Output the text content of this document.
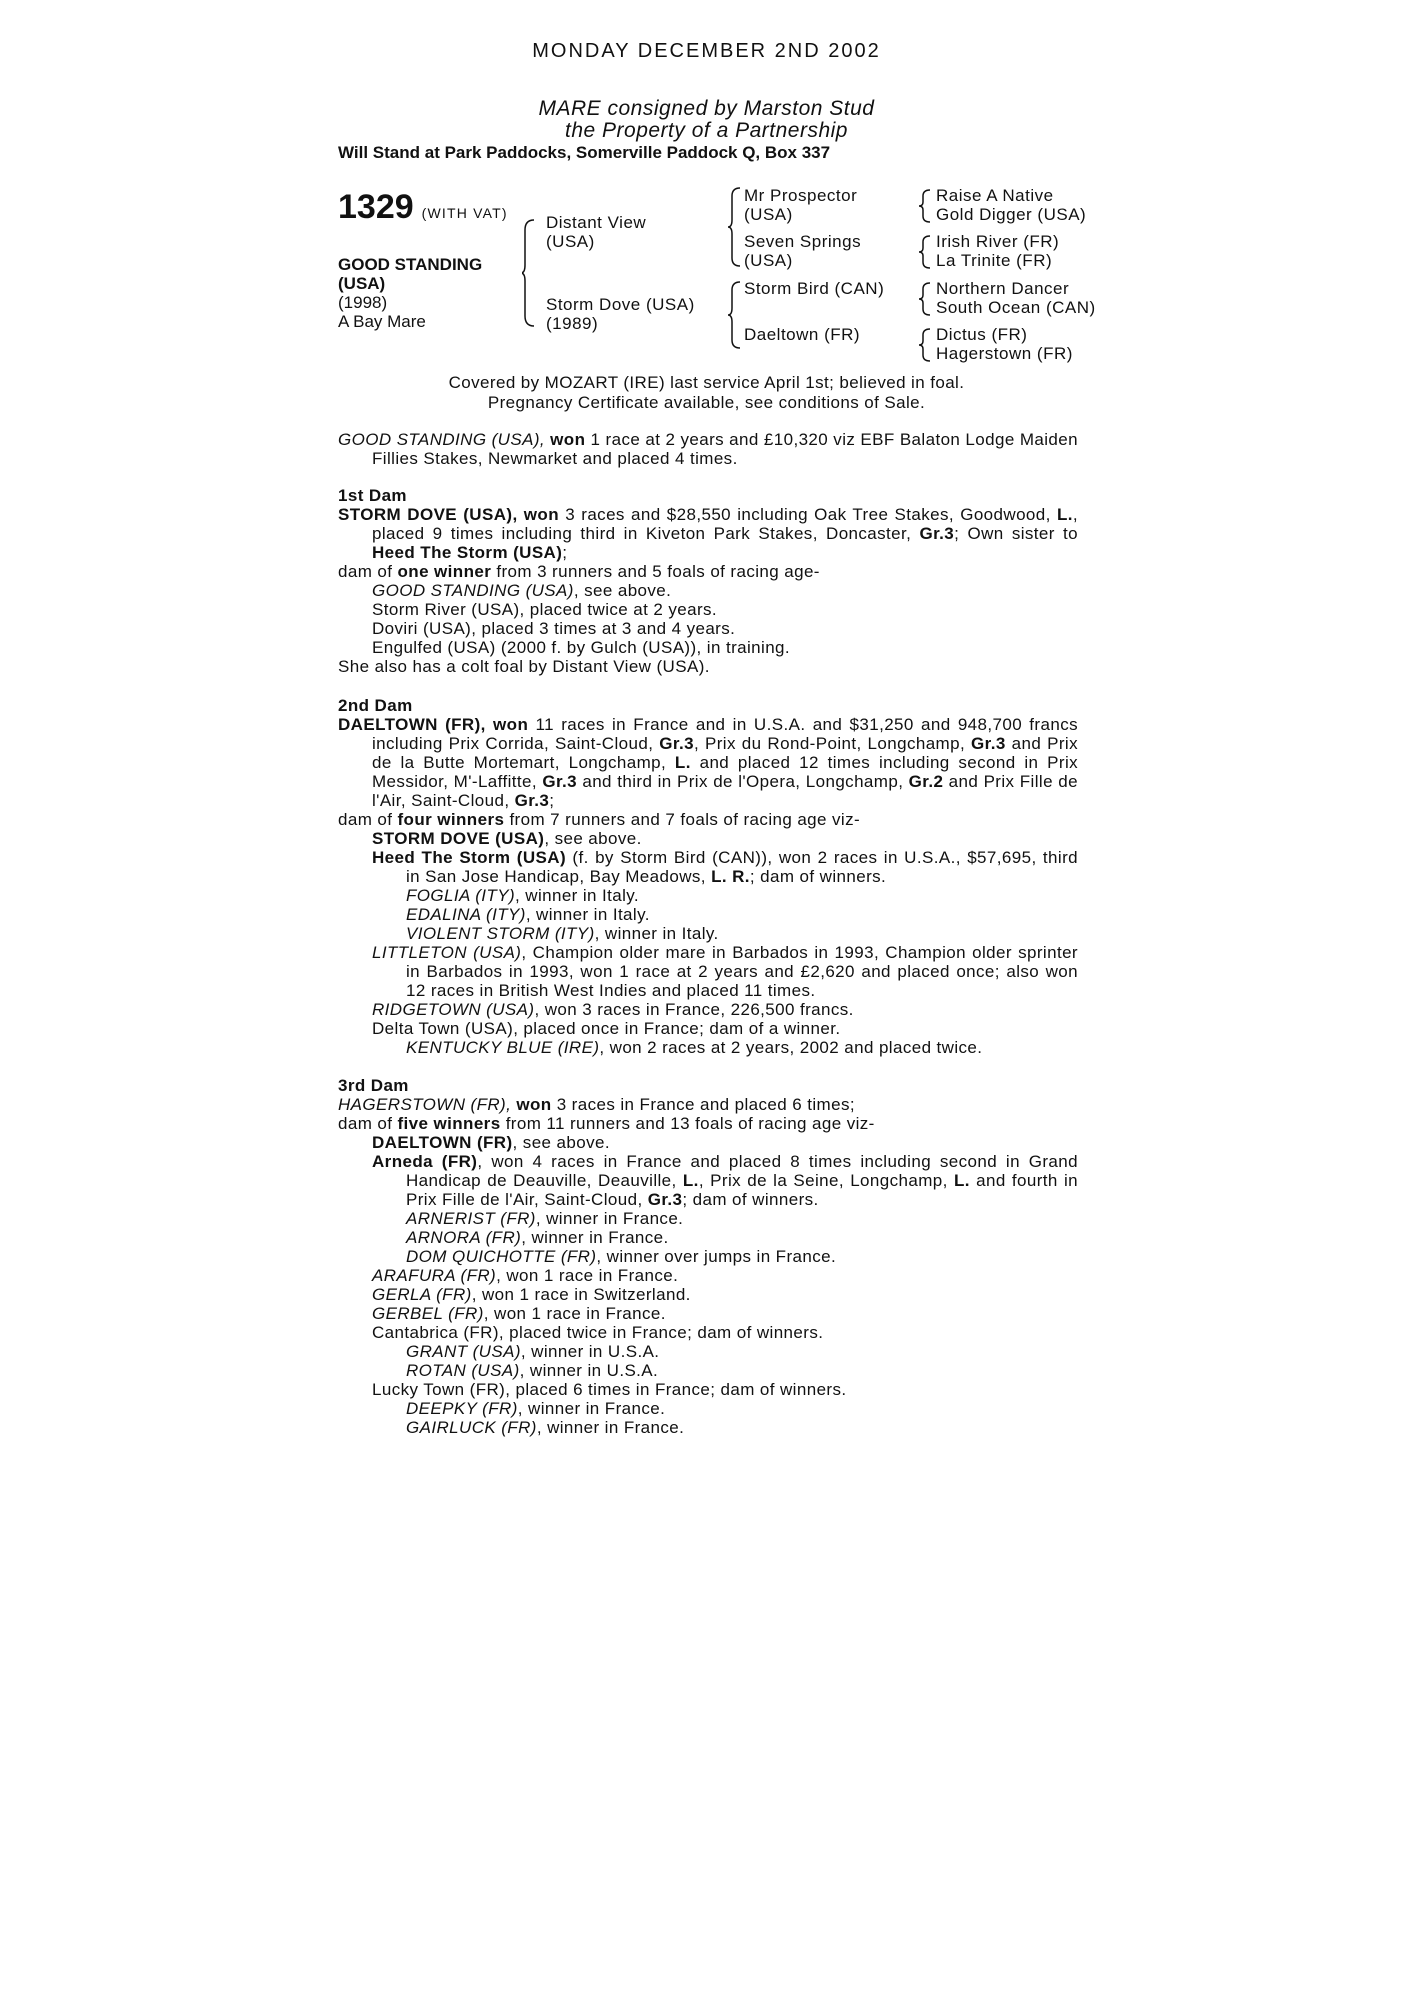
MONDAY DECEMBER 2ND 2002
MARE consigned by Marston Stud
the Property of a Partnership
Will Stand at Park Paddocks, Somerville Paddock Q, Box 337
1329 (WITH VAT)
GOOD STANDING
(USA)
(1998)
A Bay Mare
Distant View (USA)
Storm Dove (USA) (1989)
Mr Prospector (USA)
Seven Springs (USA)
Storm Bird (CAN)
Daeltown (FR)
Raise A Native
Gold Digger (USA)
Irish River (FR)
La Trinite (FR)
Northern Dancer
South Ocean (CAN)
Dictus (FR)
Hagerstown (FR)
Covered by MOZART (IRE) last service April 1st; believed in foal.
Pregnancy Certificate available, see conditions of Sale.

GOOD STANDING (USA), won 1 race at 2 years and £10,320 viz EBF Balaton Lodge Maiden Fillies Stakes, Newmarket and placed 4 times.

1st Dam

STORM DOVE (USA), won 3 races and $28,550 including Oak Tree Stakes, Goodwood, L., placed 9 times including third in Kiveton Park Stakes, Doncaster, Gr.3; Own sister to Heed The Storm (USA);

dam of one winner from 3 runners and 5 foals of racing age-

GOOD STANDING (USA), see above.

Storm River (USA), placed twice at 2 years.

Doviri (USA), placed 3 times at 3 and 4 years.

Engulfed (USA) (2000 f. by Gulch (USA)), in training.

She also has a colt foal by Distant View (USA).

2nd Dam

DAELTOWN (FR), won 11 races in France and in U.S.A. and $31,250 and 948,700 francs including Prix Corrida, Saint-Cloud, Gr.3, Prix du Rond-Point, Longchamp, Gr.3 and Prix de la Butte Mortemart, Longchamp, L. and placed 12 times including second in Prix Messidor, M'-Laffitte, Gr.3 and third in Prix de l'Opera, Longchamp, Gr.2 and Prix Fille de l'Air, Saint-Cloud, Gr.3;

dam of four winners from 7 runners and 7 foals of racing age viz-

STORM DOVE (USA), see above.

Heed The Storm (USA) (f. by Storm Bird (CAN)), won 2 races in U.S.A., $57,695, third in San Jose Handicap, Bay Meadows, L. R.; dam of winners.

FOGLIA (ITY), winner in Italy.

EDALINA (ITY), winner in Italy.

VIOLENT STORM (ITY), winner in Italy.

LITTLETON (USA), Champion older mare in Barbados in 1993, Champion older sprinter in Barbados in 1993, won 1 race at 2 years and £2,620 and placed once; also won 12 races in British West Indies and placed 11 times.

RIDGETOWN (USA), won 3 races in France, 226,500 francs.

Delta Town (USA), placed once in France; dam of a winner.

KENTUCKY BLUE (IRE), won 2 races at 2 years, 2002 and placed twice.

3rd Dam

HAGERSTOWN (FR), won 3 races in France and placed 6 times;

dam of five winners from 11 runners and 13 foals of racing age viz-

DAELTOWN (FR), see above.

Arneda (FR), won 4 races in France and placed 8 times including second in Grand Handicap de Deauville, Deauville, L., Prix de la Seine, Longchamp, L. and fourth in Prix Fille de l'Air, Saint-Cloud, Gr.3; dam of winners.

ARNERIST (FR), winner in France.

ARNORA (FR), winner in France.

DOM QUICHOTTE (FR), winner over jumps in France.

ARAFURA (FR), won 1 race in France.

GERLA (FR), won 1 race in Switzerland.

GERBEL (FR), won 1 race in France.

Cantabrica (FR), placed twice in France; dam of winners.

GRANT (USA), winner in U.S.A.

ROTAN (USA), winner in U.S.A.

Lucky Town (FR), placed 6 times in France; dam of winners.

DEEPKY (FR), winner in France.

GAIRLUCK (FR), winner in France.
